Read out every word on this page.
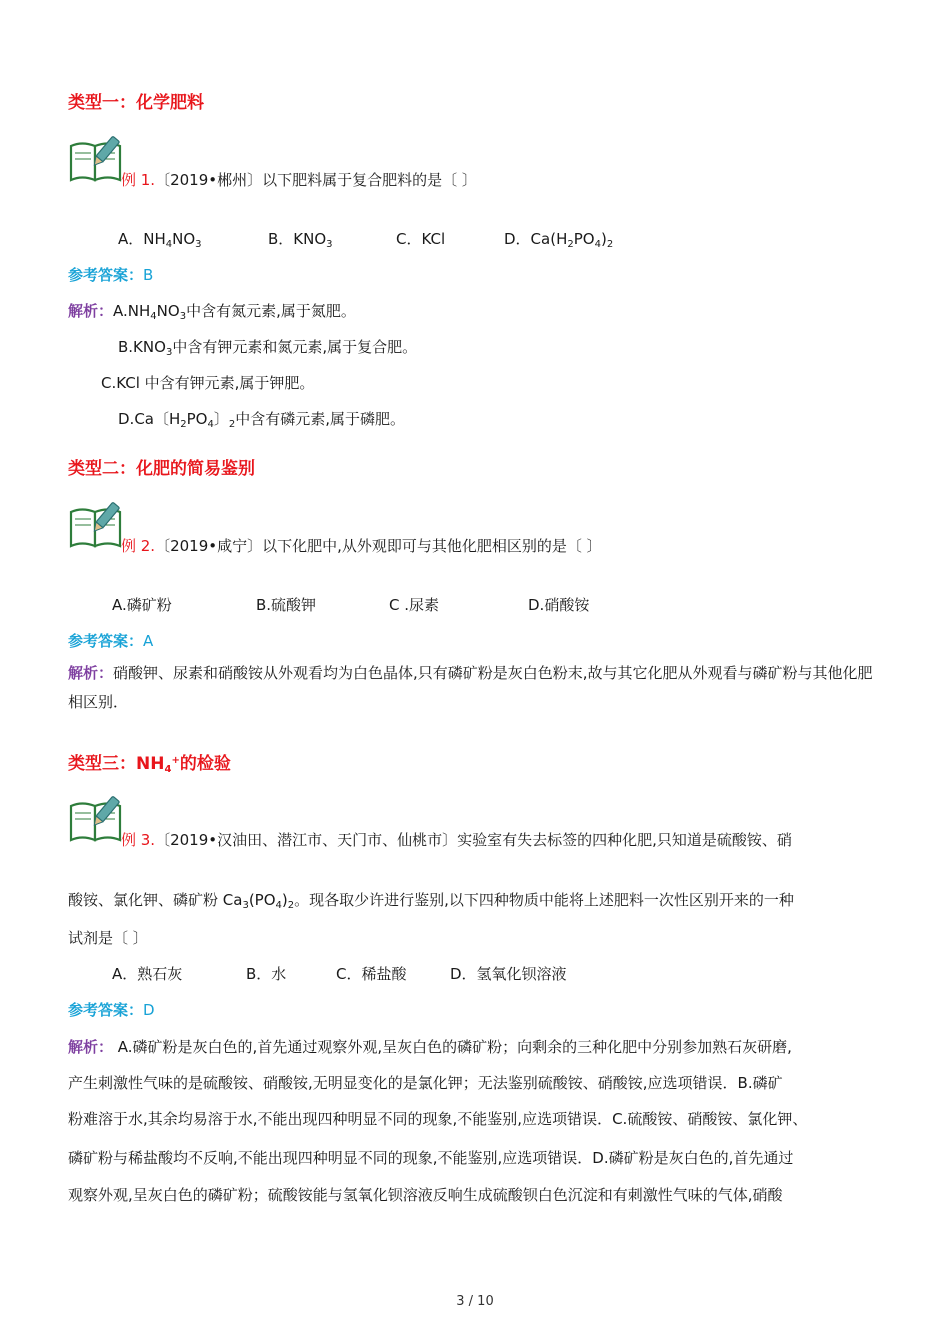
类型一：化学肥料
例 1.〔2019•郴州〕以下肥料属于复合肥料的是〔 〕
A．$NH_4NO_3$	B．$KNO_3$	C．KCl	D．$Ca(H_2PO_4)_2$
参考答案：B
解析：$A.NH_4NO_3$中含有氮元素,属于氮肥。
$B.KNO_3$中含有钾元素和氮元素,属于复合肥。
C.KCl 中含有钾元素,属于钾肥。
D.Ca〔$H_2PO_4$〕$_2$中含有磷元素,属于磷肥。
类型二：化肥的简易鉴别
例 2.〔2019•咸宁〕以下化肥中,从外观即可与其他化肥相区别的是〔 〕
A.磷矿粉	B.硫酸钾	C .尿素	D.硝酸铵
参考答案：A
解析：硝酸钾、尿素和硝酸铵从外观看均为白色晶体,只有磷矿粉是灰白色粉末,故与其它化肥从外观看与磷矿粉与其他化肥相区别．
类型三：$NH_4^+$的检验
例 3.〔2019•汉油田、潜江市、天门市、仙桃市〕实验室有失去标签的四种化肥,只知道是硫酸铵、硝
酸铵、氯化钾、磷矿粉 $Ca_3(PO_4)_2$。现各取少许进行鉴别,以下四种物质中能将上述肥料一次性区别开来的一种
试剂是〔 〕
A．熟石灰	B．水	C．稀盐酸	D．氢氧化钡溶液
参考答案：D
解析： A.磷矿粉是灰白色的,首先通过观察外观,呈灰白色的磷矿粉；向剩余的三种化肥中分别参加熟石灰研磨,
产生刺激性气味的是硫酸铵、硝酸铵,无明显变化的是氯化钾；无法鉴别硫酸铵、硝酸铵,应选项错误．B.磷矿
粉难溶于水,其余均易溶于水,不能出现四种明显不同的现象,不能鉴别,应选项错误．C.硫酸铵、硝酸铵、氯化钾、
磷矿粉与稀盐酸均不反响,不能出现四种明显不同的现象,不能鉴别,应选项错误．D.磷矿粉是灰白色的,首先通过
观察外观,呈灰白色的磷矿粉；硫酸铵能与氢氧化钡溶液反响生成硫酸钡白色沉淀和有刺激性气味的气体,硝酸
3 / 10
